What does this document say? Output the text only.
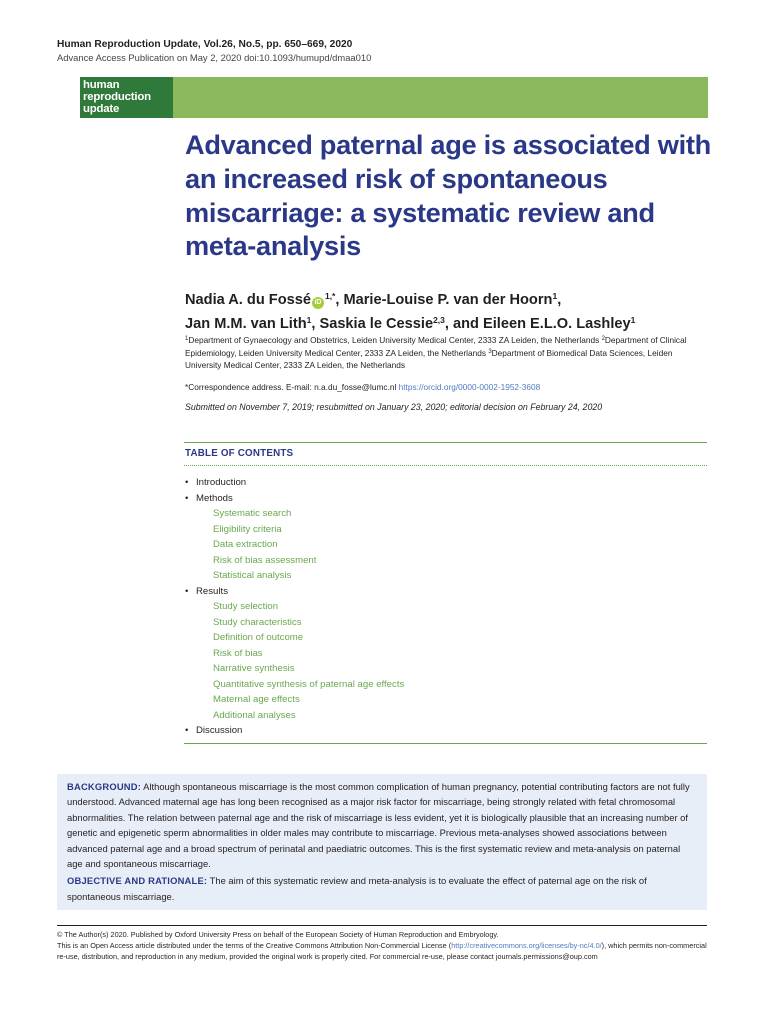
Human Reproduction Update, Vol.26, No.5, pp. 650–669, 2020
Advance Access Publication on May 2, 2020 doi:10.1093/humupd/dmaa010
human
reproduction
update
Advanced paternal age is associated with an increased risk of spontaneous miscarriage: a systematic review and meta-analysis
Nadia A. du Fossé $iD^{1,*}$, Marie-Louise P. van der Hoorn$^1$,
Jan M.M. van Lith$^1$, Saskia le Cessie$^{2,3}$, and Eileen E.L.O. Lashley$^1$
$^1$Department of Gynaecology and Obstetrics, Leiden University Medical Center, 2333 ZA Leiden, the Netherlands $^2$Department of Clinical Epidemiology, Leiden University Medical Center, 2333 ZA Leiden, the Netherlands $^3$Department of Biomedical Data Sciences, Leiden University Medical Center, 2333 ZA Leiden, the Netherlands
*Correspondence address. E-mail: n.a.du_fosse@lumc.nl https://orcid.org/0000-0002-1952-3608
Submitted on November 7, 2019; resubmitted on January 23, 2020; editorial decision on February 24, 2020
TABLE OF CONTENTS
• Introduction
• Methods
Systematic search
Eligibility criteria
Data extraction
Risk of bias assessment
Statistical analysis
• Results
Study selection
Study characteristics
Definition of outcome
Risk of bias
Narrative synthesis
Quantitative synthesis of paternal age effects
Maternal age effects
Additional analyses
• Discussion

BACKGROUND: Although spontaneous miscarriage is the most common complication of human pregnancy, potential contributing factors are not fully understood. Advanced maternal age has long been recognised as a major risk factor for miscarriage, being strongly related with fetal chromosomal abnormalities. The relation between paternal age and the risk of miscarriage is less evident, yet it is biologically plausible that an increasing number of genetic and epigenetic sperm abnormalities in older males may contribute to miscarriage. Previous meta-analyses showed associations between advanced paternal age and a broad spectrum of perinatal and paediatric outcomes. This is the first systematic review and meta-analysis on paternal age and spontaneous miscarriage.

OBJECTIVE AND RATIONALE: The aim of this systematic review and meta-analysis is to evaluate the effect of paternal age on the risk of spontaneous miscarriage.

© The Author(s) 2020. Published by Oxford University Press on behalf of the European Society of Human Reproduction and Embryology.
This is an Open Access article distributed under the terms of the Creative Commons Attribution Non-Commercial License (http://creativecommons.org/licenses/by-nc/4.0/), which permits non-commercial re-use, distribution, and reproduction in any medium, provided the original work is properly cited. For commercial re-use, please contact journals.permissions@oup.com
